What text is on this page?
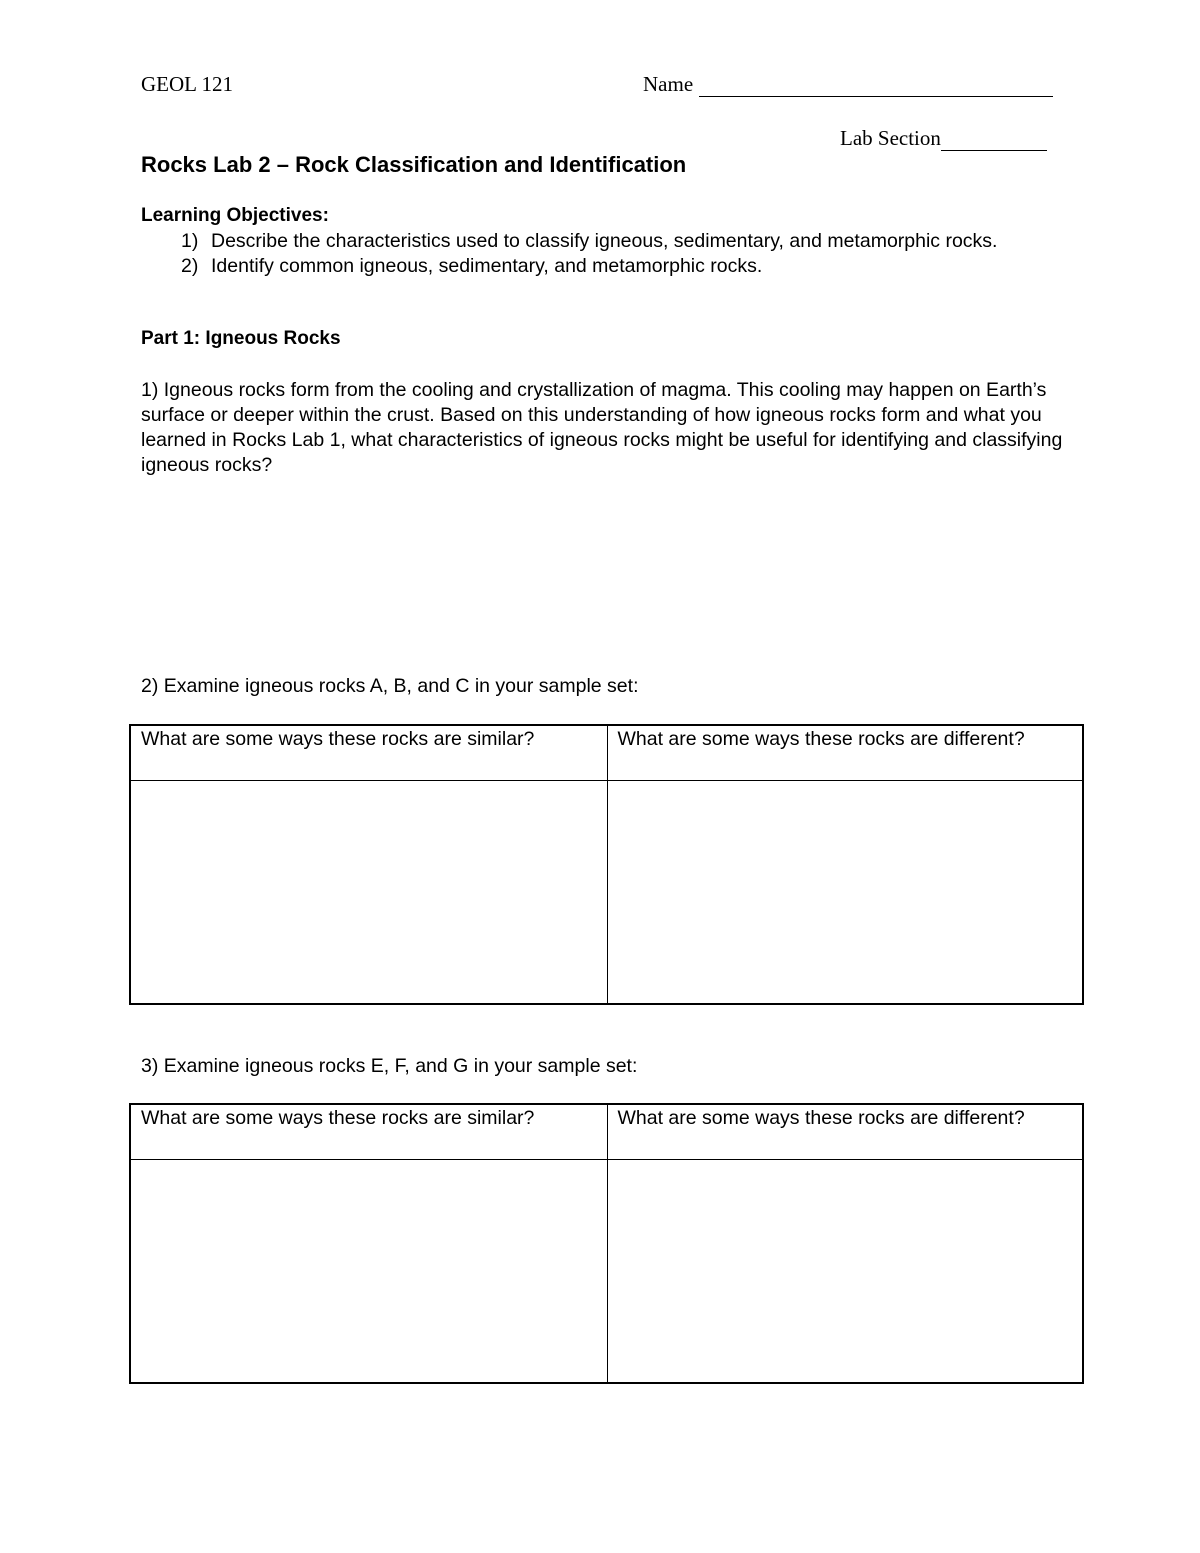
GEOL 121	Name
Lab Section
Rocks Lab 2 – Rock Classification and Identification
Learning Objectives:
1) Describe the characteristics used to classify igneous, sedimentary, and metamorphic rocks.
2) Identify common igneous, sedimentary, and metamorphic rocks.
Part 1: Igneous Rocks
1) Igneous rocks form from the cooling and crystallization of magma. This cooling may happen on Earth’s surface or deeper within the crust. Based on this understanding of how igneous rocks form and what you learned in Rocks Lab 1, what characteristics of igneous rocks might be useful for identifying and classifying igneous rocks?
2) Examine igneous rocks A, B, and C in your sample set:
What are some ways these rocks are similar?	What are some ways these rocks are different?

3) Examine igneous rocks E, F, and G in your sample set:
What are some ways these rocks are similar?	What are some ways these rocks are different?
